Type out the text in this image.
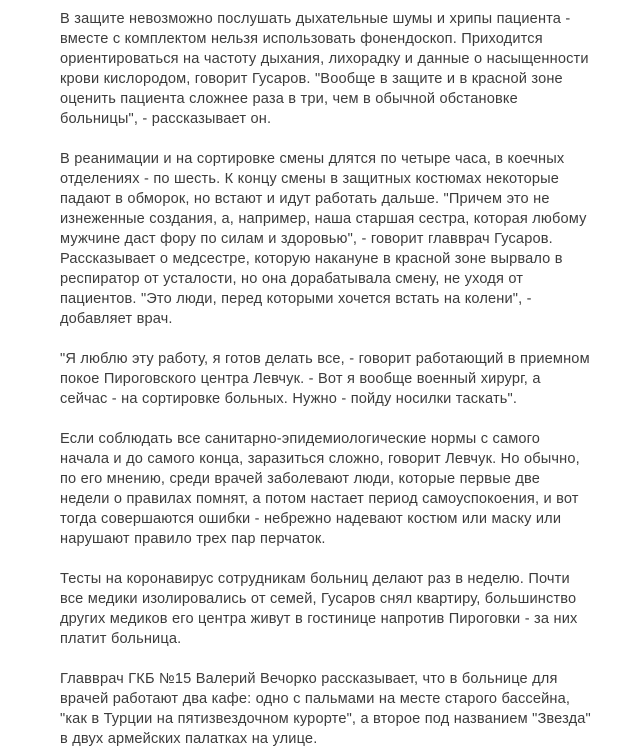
В защите невозможно послушать дыхательные шумы и хрипы пациента - вместе с комплектом нельзя использовать фонендоскоп. Приходится ориентироваться на частоту дыхания, лихорадку и данные о насыщенности крови кислородом, говорит Гусаров. "Вообще в защите и в красной зоне оценить пациента сложнее раза в три, чем в обычной обстановке больницы", - рассказывает он.

В реанимации и на сортировке смены длятся по четыре часа, в коечных отделениях - по шесть. К концу смены в защитных костюмах некоторые падают в обморок, но встают и идут работать дальше. "Причем это не изнеженные создания, а, например, наша старшая сестра, которая любому мужчине даст фору по силам и здоровью", - говорит главврач Гусаров. Рассказывает о медсестре, которую накануне в красной зоне вырвало в респиратор от усталости, но она дорабатывала смену, не уходя от пациентов. "Это люди, перед которыми хочется встать на колени", - добавляет врач.

"Я люблю эту работу, я готов делать все, - говорит работающий в приемном покое Пироговского центра Левчук. - Вот я вообще военный хирург, а сейчас - на сортировке больных. Нужно - пойду носилки таскать".

Если соблюдать все санитарно-эпидемиологические нормы с самого начала и до самого конца, заразиться сложно, говорит Левчук. Но обычно, по его мнению, среди врачей заболевают люди, которые первые две недели о правилах помнят, а потом настает период самоуспокоения, и вот тогда совершаются ошибки - небрежно надевают костюм или маску или нарушают правило трех пар перчаток.

Тесты на коронавирус сотрудникам больниц делают раз в неделю. Почти все медики изолировались от семей, Гусаров снял квартиру, большинство других медиков его центра живут в гостинице напротив Пироговки - за них платит больница.

Главврач ГКБ №15 Валерий Вечорко рассказывает, что в больнице для врачей работают два кафе: одно с пальмами на месте старого бассейна, "как в Турции на пятизвездочном курорте", а второе под названием "Звезда" в двух армейских палатках на улице.
